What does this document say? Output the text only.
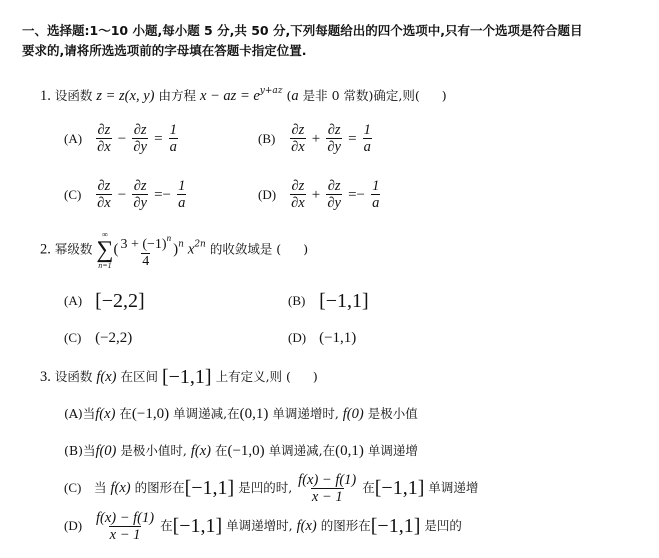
一、选择题:1～10 小题,每小题 5 分,共 50 分,下列每题给出的四个选项中,只有一个选项是符合题目
要求的,请将所选选项前的字母填在答题卡指定位置.
1. 设函数 z = z(x, y) 由方程 x − az = $e^{y+az}$ (a 是非 0 常数)确定,则( )
$(A) \frac{\partial z}{\partial x} - \frac{\partial z}{\partial y} = \frac{1}{a}$	$(B) \frac{\partial z}{\partial x} + \frac{\partial z}{\partial y} = \frac{1}{a}$
$(C) \frac{\partial z}{\partial x} - \frac{\partial z}{\partial y} =- \frac{1}{a}$	$(D) \frac{\partial z}{\partial x} + \frac{\partial z}{\partial y} =- \frac{1}{a}$
2. 幂级数
∞
∑
n=1
( $\frac{3 + (-1)^n}{4} )^n$ $x^{2n}$ 的收敛域是 ( )
(A) [−2,2]	(B) [−1,1]
(C) (−2,2)	(D) (−1,1)
3. 设函数 f(x) 在区间 [−1,1] 上有定义,则 ( )
(A)当f(x) 在(−1,0) 单调递减,在(0,1) 单调递增时, f(0) 是极小值
(B)当f(0) 是极小值时, f(x) 在(−1,0) 单调递减,在(0,1) 单调递增
(C) 当 f(x) 的图形在[−1,1] 是凹的时, $\frac{f(x) - f(1)}{x - 1}$ 在[−1,1] 单调递增
$(D) \frac{f(x) - f(1)}{x - 1}$ 在[−1,1] 单调递增时, f(x) 的图形在[−1,1] 是凹的
